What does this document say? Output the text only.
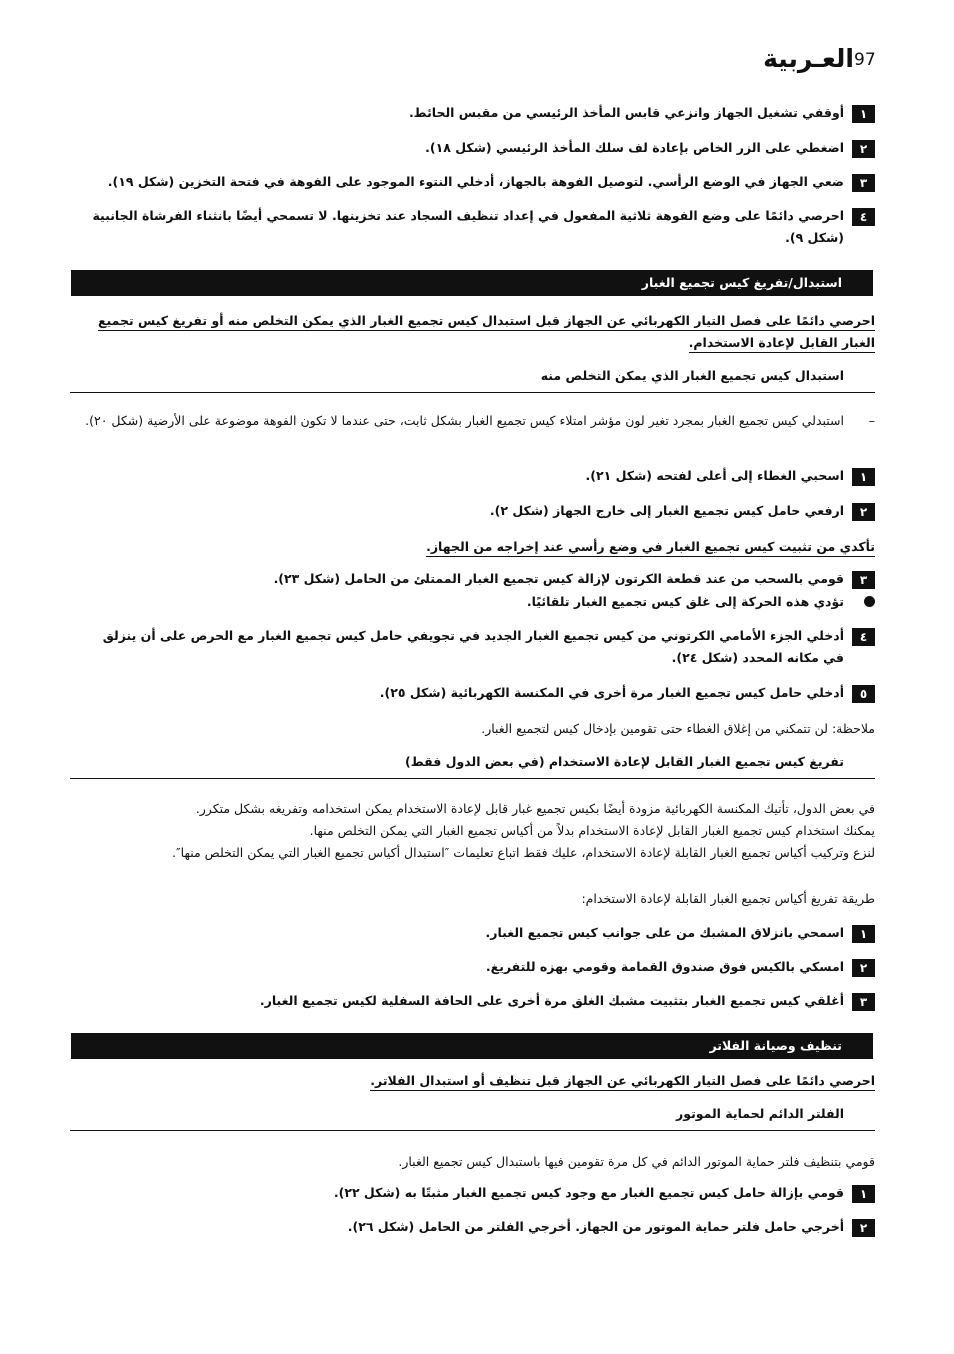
العـربية 97
١
أوقفي تشغيل الجهاز وانزعي قابس المأخذ الرئيسي من مقبس الحائط.
٢
اضغطي على الزر الخاص بإعادة لف سلك المأخذ الرئيسي (شكل ١٨).
٣
ضعي الجهاز في الوضع الرأسي. لتوصيل الفوهة بالجهاز، أدخلي النتوء الموجود على الفوهة في فتحة التخزين (شكل ١٩).
٤
احرصي دائمًا على وضع الفوهة ثلاثية المفعول في إعداد تنظيف السجاد عند تخزينها. لا تسمحي أيضًا بانثناء الفرشاة الجانبية (شكل ٩).
استبدال/تفريغ كيس تجميع الغبار
احرصي دائمًا على فصل التيار الكهربائي عن الجهاز قبل استبدال كيس تجميع الغبار الذي يمكن التخلص منه أو تفريغ كيس تجميع الغبار القابل لإعادة الاستخدام.
استبدال كيس تجميع الغبار الذي يمكن التخلص منه
–
استبدلي كيس تجميع الغبار بمجرد تغير لون مؤشر امتلاء كيس تجميع الغبار بشكل ثابت، حتى عندما لا تكون الفوهة موضوعة على الأرضية (شكل ٢٠).
١
اسحبي الغطاء إلى أعلى لفتحه (شكل ٢١).
٢
ارفعي حامل كيس تجميع الغبار إلى خارج الجهاز (شكل ٢).
تأكدي من تثبيت كيس تجميع الغبار في وضع رأسي عند إخراجه من الجهاز.
٣
قومي بالسحب من عند قطعة الكرتون لإزالة كيس تجميع الغبار الممتلئ من الحامل (شكل ٢٣).
تؤدي هذه الحركة إلى غلق كيس تجميع الغبار تلقائيًا.
٤
أدخلي الجزء الأمامي الكرتوني من كيس تجميع الغبار الجديد في تجويفي حامل كيس تجميع الغبار مع الحرص على أن ينزلق في مكانه المحدد (شكل ٢٤).
٥
أدخلي حامل كيس تجميع الغبار مرة أخرى في المكنسة الكهربائية (شكل ٢٥).
ملاحظة: لن تتمكني من إغلاق الغطاء حتى تقومين بإدخال كيس لتجميع الغبار.
تفريغ كيس تجميع الغبار القابل لإعادة الاستخدام (في بعض الدول فقط)
في بعض الدول، تأتيك المكنسة الكهربائية مزودة أيضًا بكيس تجميع غبار قابل لإعادة الاستخدام يمكن استخدامه وتفريغه بشكل متكرر.
يمكنك استخدام كيس تجميع الغبار القابل لإعادة الاستخدام بدلاً من أكياس تجميع الغبار التي يمكن التخلص منها.
لنزع وتركيب أكياس تجميع الغبار القابلة لإعادة الاستخدام، عليك فقط اتباع تعليمات ″استبدال أكياس تجميع الغبار التي يمكن التخلص منها″.
طريقة تفريغ أكياس تجميع الغبار القابلة لإعادة الاستخدام:
١
اسمحي بانزلاق المشبك من على جوانب كيس تجميع الغبار.
٢
امسكي بالكيس فوق صندوق القمامة وقومي بهزه للتفريغ.
٣
أغلقي كيس تجميع الغبار بتثبيت مشبك الغلق مرة أخرى على الحافة السفلية لكيس تجميع الغبار.
تنظيف وصيانة الفلاتر
احرصي دائمًا على فصل التيار الكهربائي عن الجهاز قبل تنظيف أو استبدال الفلاتر.
الفلتر الدائم لحماية الموتور
قومي بتنظيف فلتر حماية الموتور الدائم في كل مرة تقومين فيها باستبدال كيس تجميع الغبار.
١
قومي بإزالة حامل كيس تجميع الغبار مع وجود كيس تجميع الغبار مثبتًا به (شكل ٢٢).
٢
أخرجي حامل فلتر حماية الموتور من الجهاز. أخرجي الفلتر من الحامل (شكل ٢٦).
